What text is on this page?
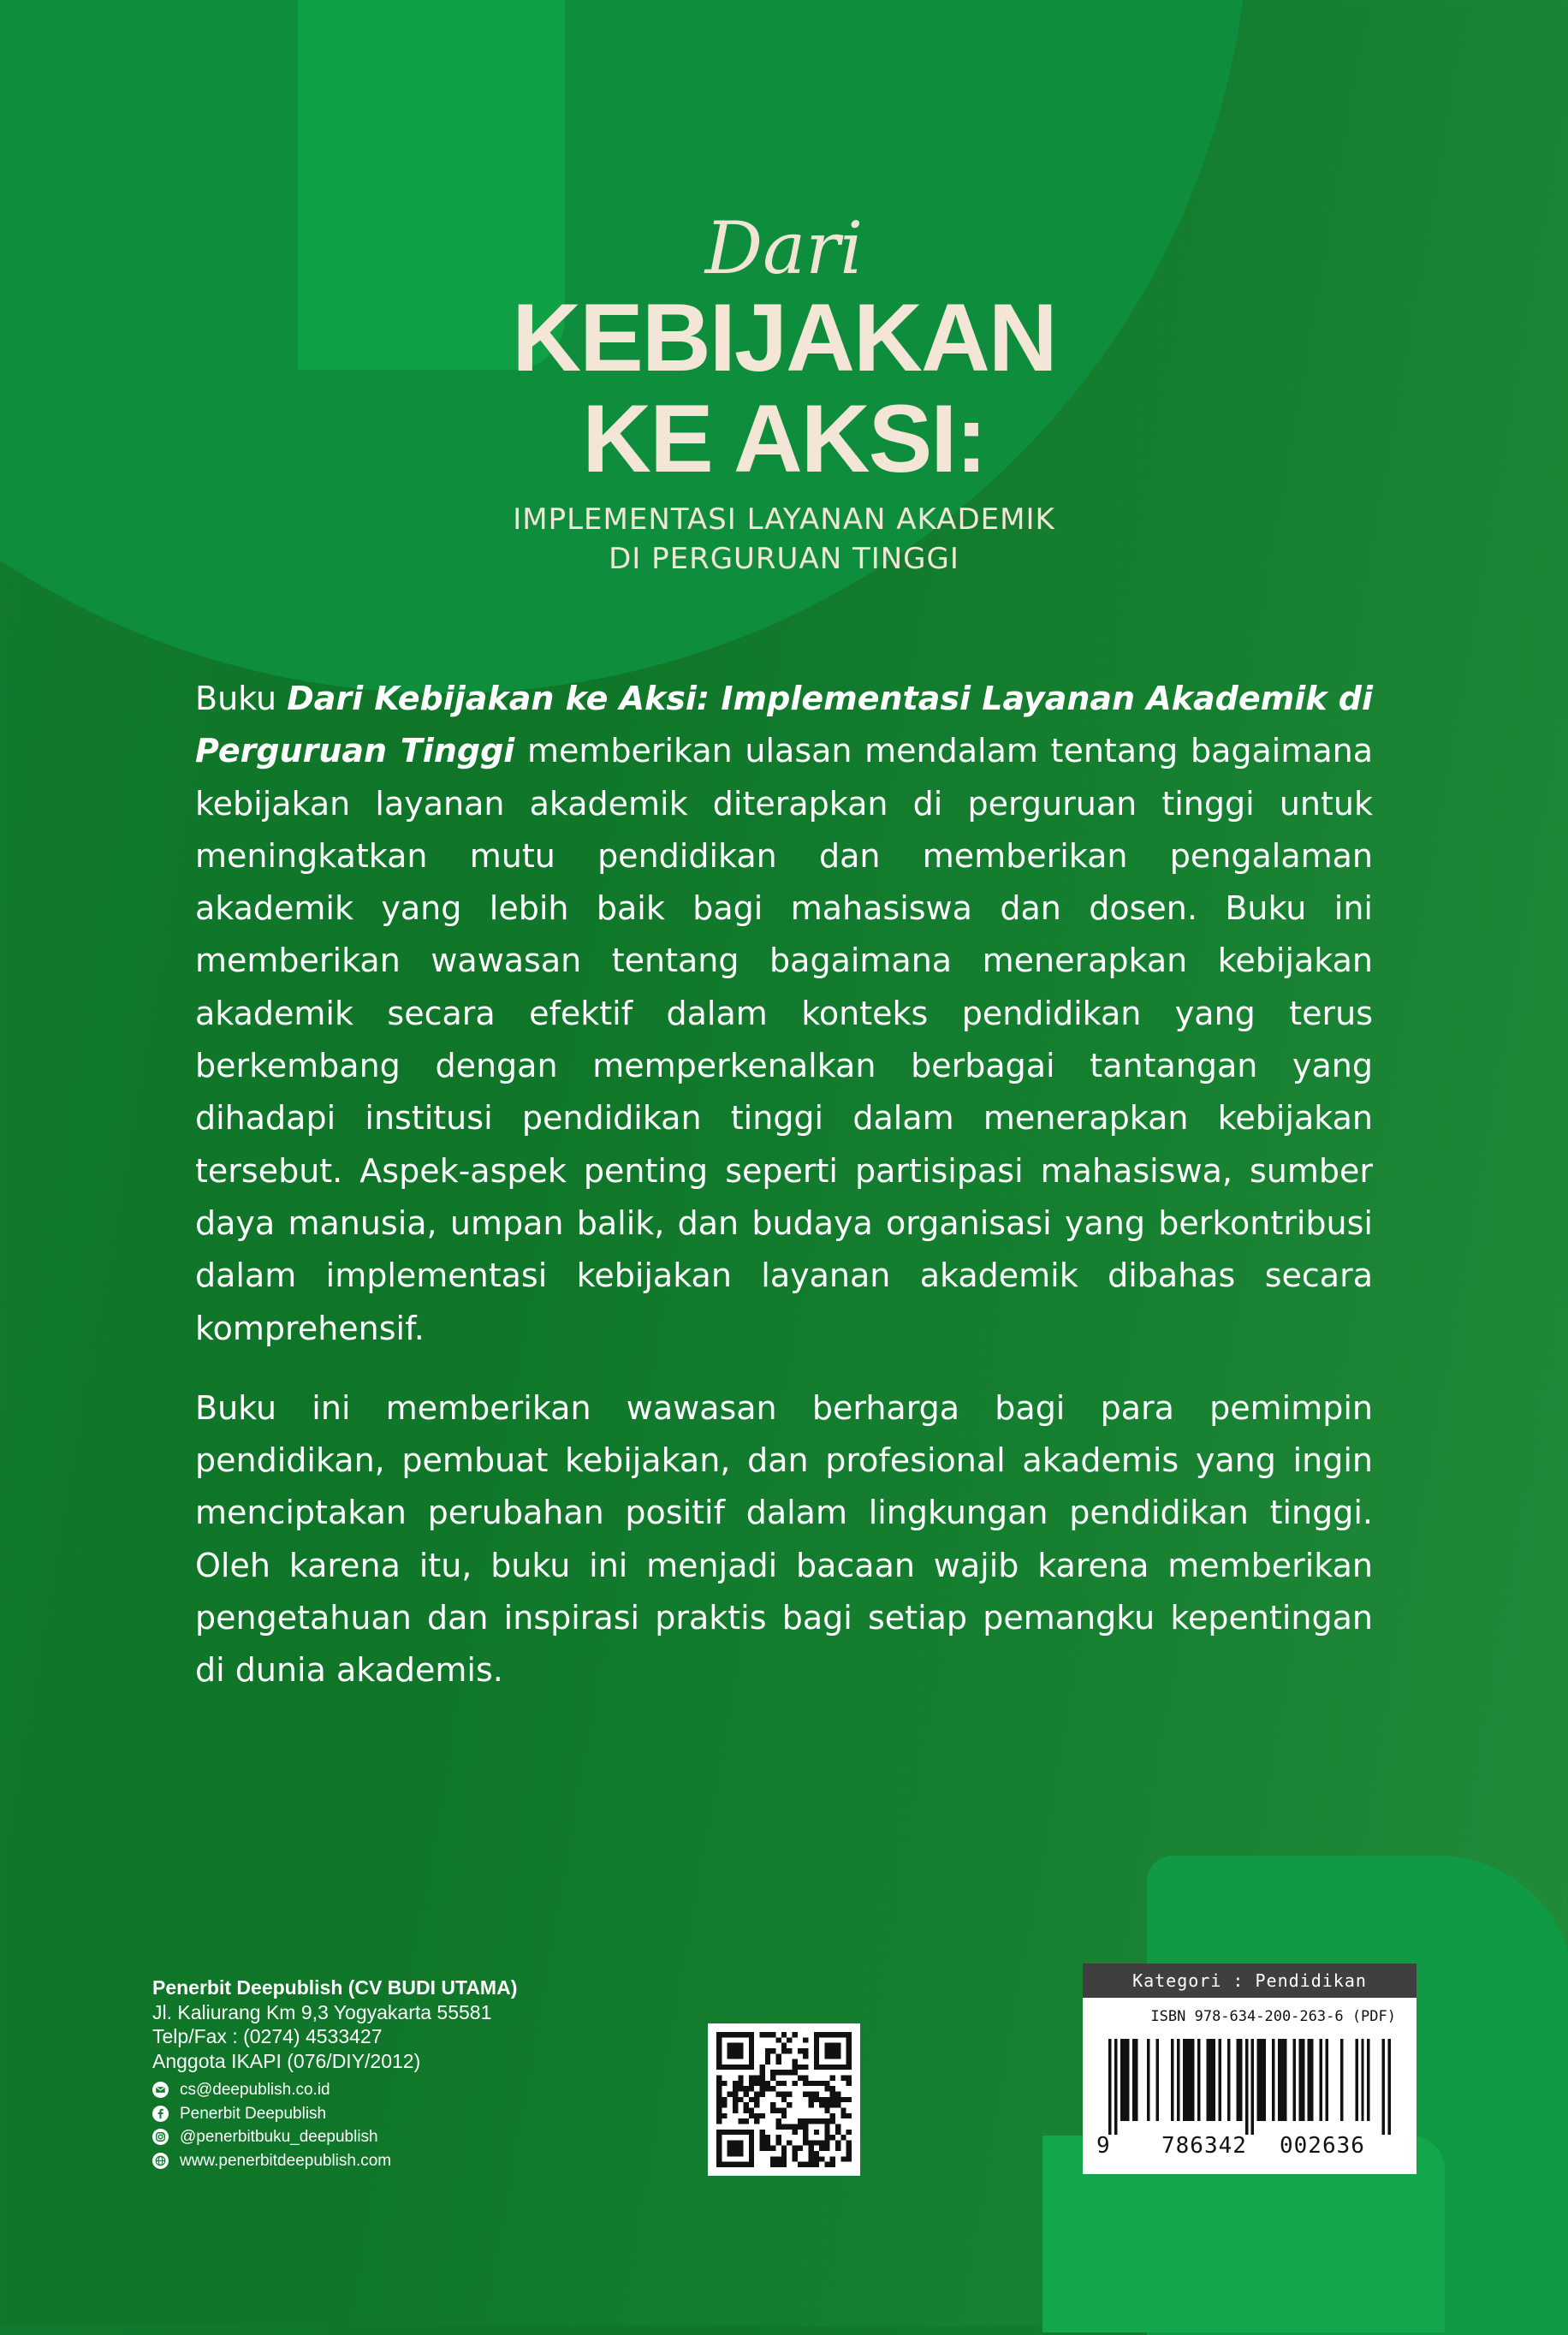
Dari
KEBIJAKAN
KE AKSI:
IMPLEMENTASI LAYANAN AKADEMIK
DI PERGURUAN TINGGI

Buku Dari Kebijakan ke Aksi: Implementasi Layanan Akademik di Perguruan Tinggi memberikan ulasan mendalam tentang bagaimana kebijakan layanan akademik diterapkan di perguruan tinggi untuk meningkatkan mutu pendidikan dan memberikan pengalaman akademik yang lebih baik bagi mahasiswa dan dosen. Buku ini memberikan wawasan tentang bagaimana menerapkan kebijakan akademik secara efektif dalam konteks pendidikan yang terus berkembang dengan memperkenalkan berbagai tantangan yang dihadapi institusi pendidikan tinggi dalam menerapkan kebijakan tersebut. Aspek-aspek penting seperti partisipasi mahasiswa, sumber daya manusia, umpan balik, dan budaya organisasi yang berkontribusi dalam implementasi kebijakan layanan akademik dibahas secara komprehensif.

Buku ini memberikan wawasan berharga bagi para pemimpin pendidikan, pembuat kebijakan, dan profesional akademis yang ingin menciptakan perubahan positif dalam lingkungan pendidikan tinggi. Oleh karena itu, buku ini menjadi bacaan wajib karena memberikan pengetahuan dan inspirasi praktis bagi setiap pemangku kepentingan di dunia akademis.

Penerbit Deepublish (CV BUDI UTAMA)
Jl. Kaliurang Km 9,3 Yogyakarta 55581
Telp/Fax : (0274) 4533427
Anggota IKAPI (076/DIY/2012)
cs@deepublish.co.id
Penerbit Deepublish
@penerbitbuku_deepublish
www.penerbitdeepublish.com
Kategori : Pendidikan
ISBN 978-634-200-263-6 (PDF)
9 786342 002636
